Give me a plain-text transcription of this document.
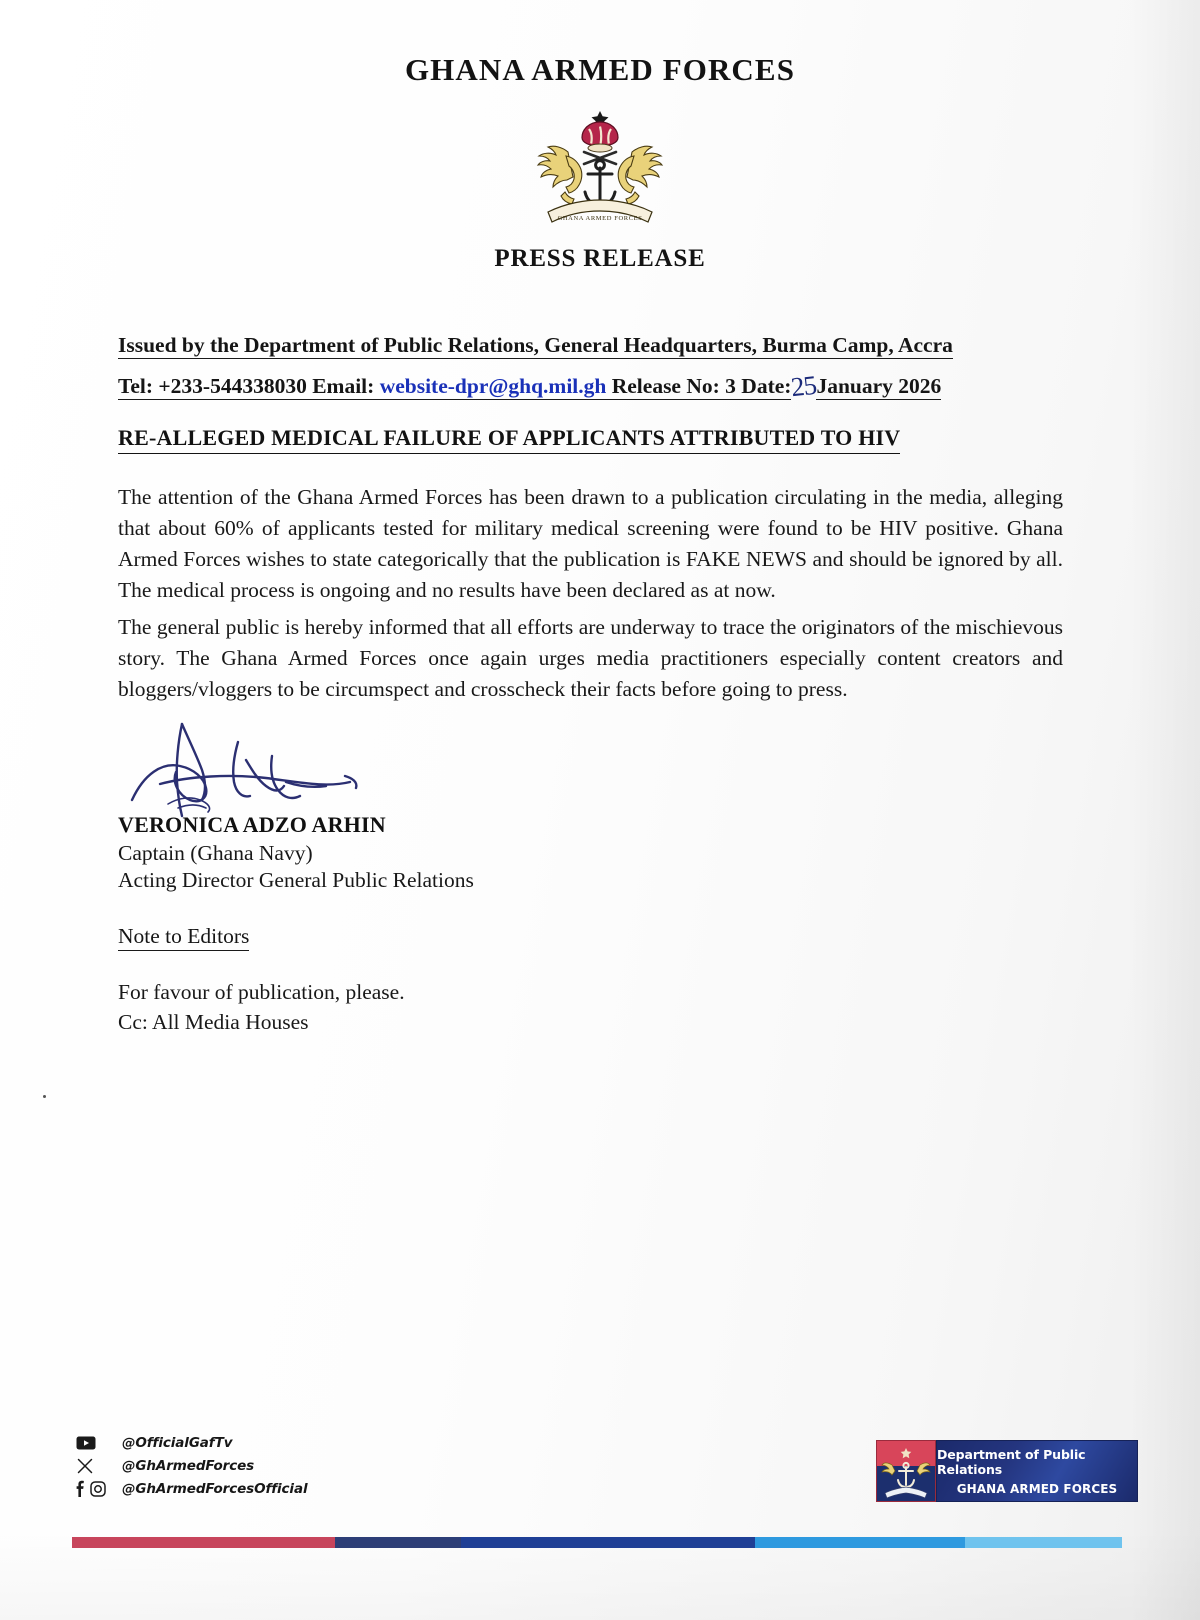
GHANA ARMED FORCES
GHANA ARMED FORCES
PRESS RELEASE
Issued by the Department of Public Relations, General Headquarters, Burma Camp, Accra
Tel: +233-544338030 Email: website-dpr@ghq.mil.gh Release No: 3 Date:25January 2026
RE-ALLEGED MEDICAL FAILURE OF APPLICANTS ATTRIBUTED TO HIV
The attention of the Ghana Armed Forces has been drawn to a publication circulating in the media, alleging that about 60% of applicants tested for military medical screening were found to be HIV positive. Ghana Armed Forces wishes to state categorically that the publication is FAKE NEWS and should be ignored by all. The medical process is ongoing and no results have been declared as at now.
The general public is hereby informed that all efforts are underway to trace the originators of the mischievous story. The Ghana Armed Forces once again urges media practitioners especially content creators and bloggers/vloggers to be circumspect and crosscheck their facts before going to press.
VERONICA ADZO ARHIN
Captain (Ghana Navy)
Acting Director General Public Relations
Note to Editors
For favour of publication, please.
Cc: All Media Houses
@OfficialGafTv
@GhArmedForces
@GhArmedForcesOfficial
Department of Public Relations
GHANA ARMED FORCES
